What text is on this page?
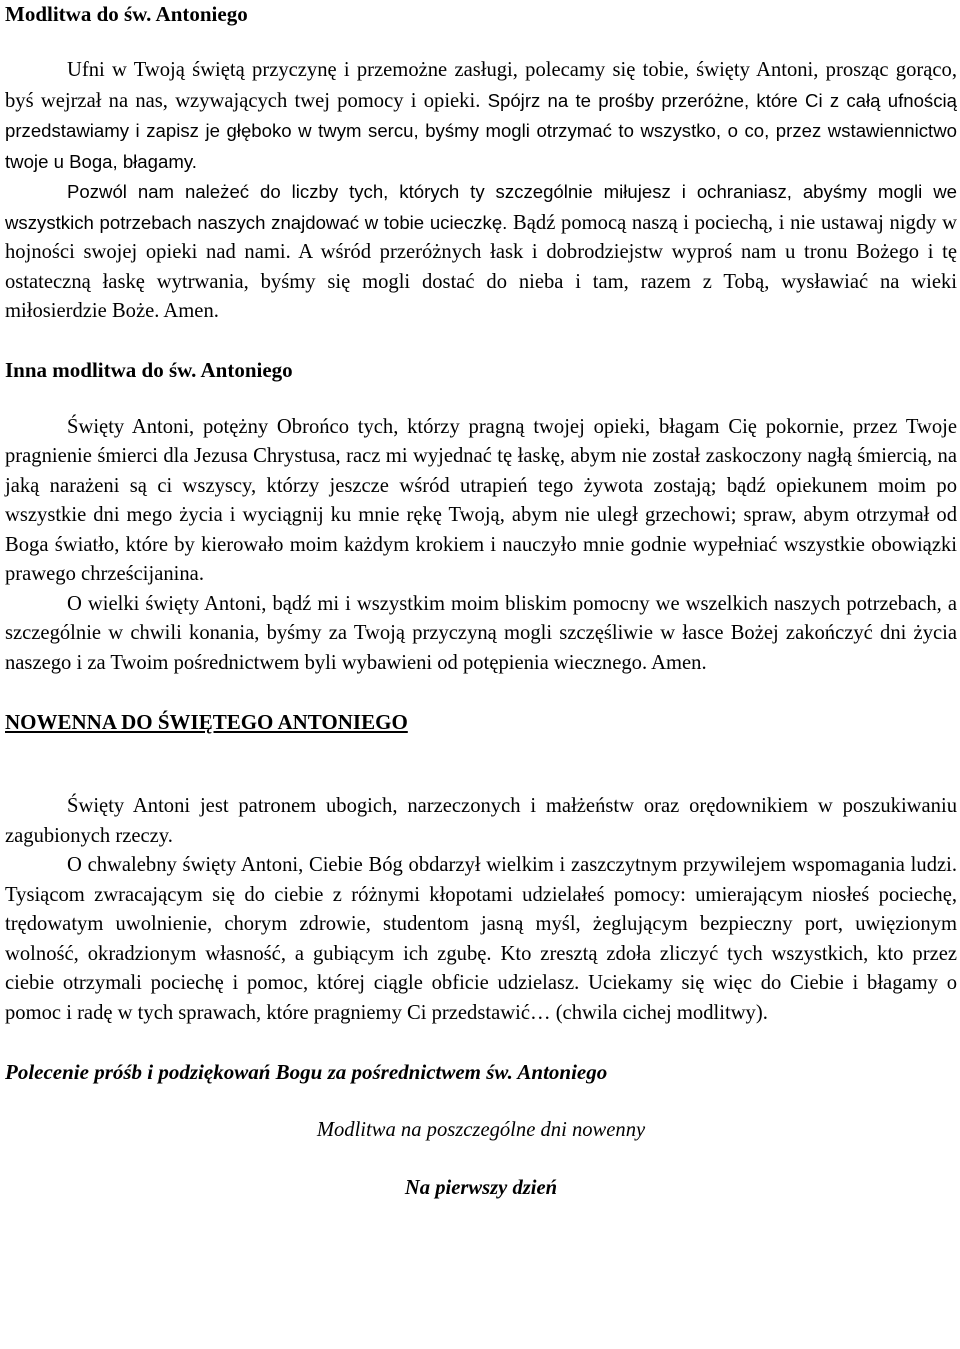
Modlitwa do św. Antoniego

Ufni w Twoją świętą przyczynę i przemożne zasługi, polecamy się tobie, święty Antoni, prosząc gorąco, byś wejrzał na nas, wzywających twej pomocy i opieki. Spójrz na te prośby przeróżne, które Ci z całą ufnością przedstawiamy i zapisz je głęboko w twym sercu, byśmy mogli otrzymać to wszystko, o co, przez wstawiennictwo twoje u Boga, błagamy.

Pozwól nam należeć do liczby tych, których ty szczególnie miłujesz i ochraniasz, abyśmy mogli we wszystkich potrzebach naszych znajdować w tobie ucieczkę. Bądź pomocą naszą i pociechą, i nie ustawaj nigdy w hojności swojej opieki nad nami. A wśród przeróżnych łask i dobrodziejstw wyproś nam u tronu Bożego i tę ostateczną łaskę wytrwania, byśmy się mogli dostać do nieba i tam, razem z Tobą, wysławiać na wieki miłosierdzie Boże. Amen.

Inna modlitwa do św. Antoniego

Święty Antoni, potężny Obrońco tych, którzy pragną twojej opieki, błagam Cię pokornie, przez Twoje pragnienie śmierci dla Jezusa Chrystusa, racz mi wyjednać tę łaskę, abym nie został zaskoczony nagłą śmiercią, na jaką narażeni są ci wszyscy, którzy jeszcze wśród utrapień tego żywota zostają; bądź opiekunem moim po wszystkie dni mego życia i wyciągnij ku mnie rękę Twoją, abym nie uległ grzechowi; spraw, abym otrzymał od Boga światło, które by kierowało moim każdym krokiem i nauczyło mnie godnie wypełniać wszystkie obowiązki prawego chrześcijanina.

O wielki święty Antoni, bądź mi i wszystkim moim bliskim pomocny we wszelkich naszych potrzebach, a szczególnie w chwili konania, byśmy za Twoją przyczyną mogli szczęśliwie w łasce Bożej zakończyć dni życia naszego i za Twoim pośrednictwem byli wybawieni od potępienia wiecznego. Amen.

NOWENNA DO ŚWIĘTEGO ANTONIEGO

Święty Antoni jest patronem ubogich, narzeczonych i małżeństw oraz orędownikiem w poszukiwaniu zagubionych rzeczy.

O chwalebny święty Antoni, Ciebie Bóg obdarzył wielkim i zaszczytnym przywilejem wspomagania ludzi. Tysiącom zwracającym się do ciebie z różnymi kłopotami udzielałeś pomocy: umierającym niosłeś pociechę, trędowatym uwolnienie, chorym zdrowie, studentom jasną myśl, żeglującym bezpieczny port, uwięzionym wolność, okradzionym własność, a gubiącym ich zgubę. Kto zresztą zdoła zliczyć tych wszystkich, kto przez ciebie otrzymali pociechę i pomoc, której ciągle obficie udzielasz. Uciekamy się więc do Ciebie i błagamy o pomoc i radę w tych sprawach, które pragniemy Ci przedstawić… (chwila cichej modlitwy).

Polecenie próśb i podziękowań Bogu za pośrednictwem św. Antoniego

Modlitwa na poszczególne dni nowenny

Na pierwszy dzień
